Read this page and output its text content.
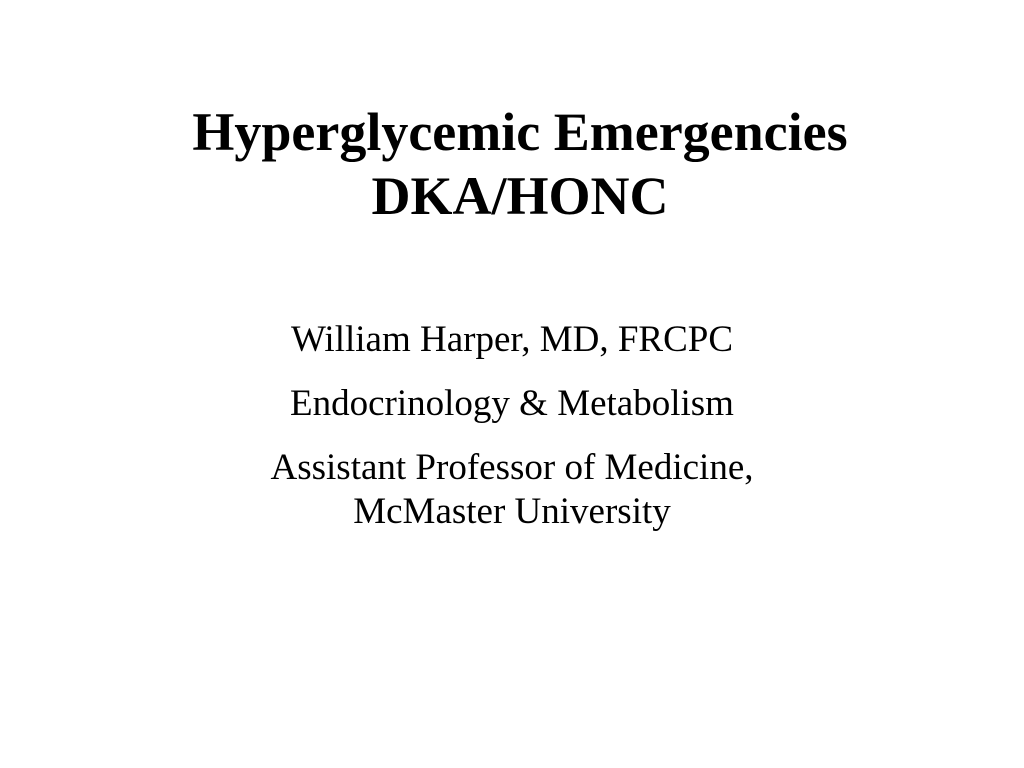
Hyperglycemic Emergencies
DKA/HONC
William Harper, MD, FRCPC
Endocrinology & Metabolism
Assistant Professor of Medicine,
McMaster University
